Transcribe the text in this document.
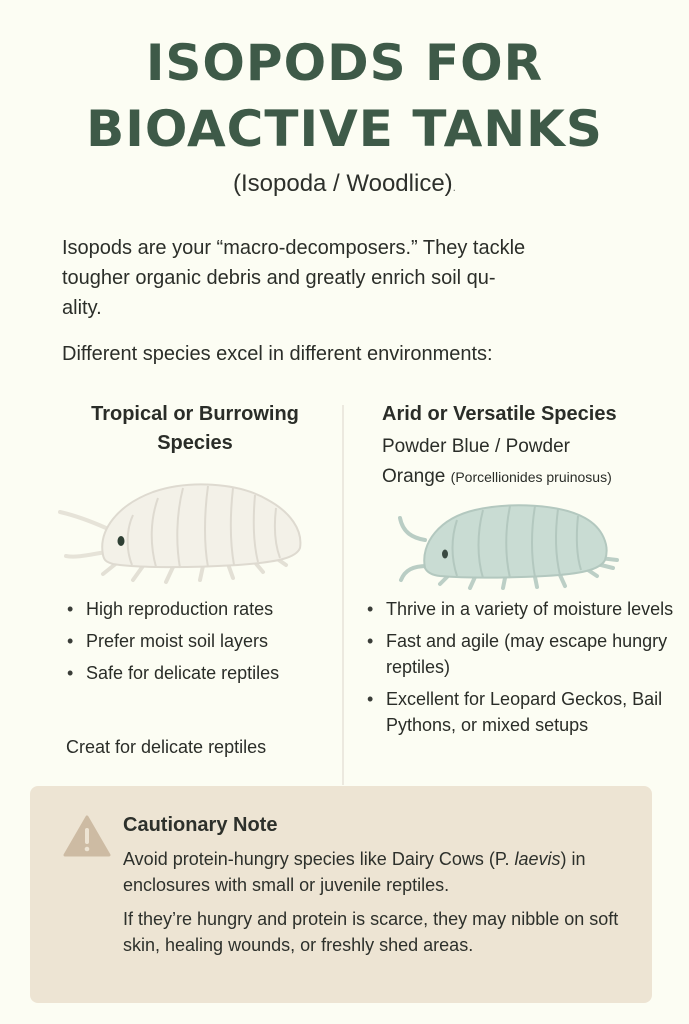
ISOPODS FOR
BIOACTIVE TANKS
(Isopoda / Woodlice).
Isopods are your “macro-decomposers.” They tackle
tougher organic debris and greatly enrich soil qu-
ality.
Different species excel in different environments:
Tropical or Burrowing Species
• High reproduction rates
• Prefer moist soil layers
• Safe for delicate reptiles
Creat for delicate reptiles
Arid or Versatile Species
Powder Blue / Powder
Orange (Porcellionides pruinosus)
• Thrive in a variety of moisture levels
• Fast and agile (may escape hungry reptiles)
• Excellent for Leopard Geckos, Bail Pythons, or mixed setups
Cautionary Note

Avoid protein-hungry species like Dairy Cows (P. laevis) in enclosures with small or juvenile reptiles.

If they’re hungry and protein is scarce, they may nibble on soft skin, healing wounds, or freshly shed areas.
